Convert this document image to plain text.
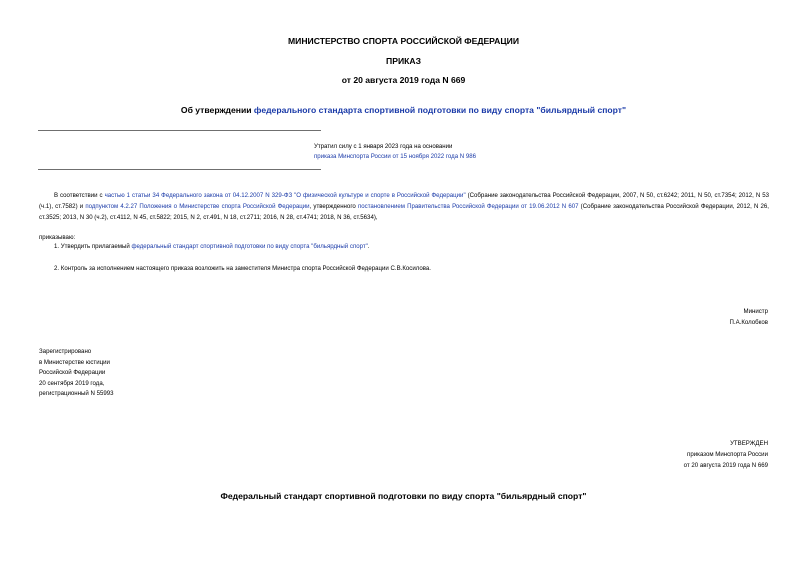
МИНИСТЕРСТВО СПОРТА РОССИЙСКОЙ ФЕДЕРАЦИИ
ПРИКАЗ
от 20 августа 2019 года N 669
Об утверждении федерального стандарта спортивной подготовки по виду спорта "бильярдный спорт"
Утратил силу с 1 января 2023 года на основании
приказа Минспорта России от 15 ноября 2022 года N 986
В соответствии с частью 1 статьи 34 Федерального закона от 04.12.2007 N 329-ФЗ "О физической культуре и спорте в Российской Федерации" (Собрание законодательства Российской Федерации, 2007, N 50, ст.6242; 2011, N 50, ст.7354; 2012, N 53 (ч.1), ст.7582) и подпунктом 4.2.27 Положения о Министерстве спорта Российской Федерации, утвержденного постановлением Правительства Российской Федерации от 19.06.2012 N 607 (Собрание законодательства Российской Федерации, 2012, N 26, ст.3525; 2013, N 30 (ч.2), ст.4112, N 45, ст.5822; 2015, N 2, ст.491, N 18, ст.2711; 2016, N 28, ст.4741; 2018, N 36, ст.5634),
приказываю:
1. Утвердить прилагаемый федеральный стандарт спортивной подготовки по виду спорта "бильярдный спорт".
2. Контроль за исполнением настоящего приказа возложить на заместителя Министра спорта Российской Федерации С.В.Косилова.
Министр
П.А.Колобков
Зарегистрировано
в Министерстве юстиции
Российской Федерации
20 сентября 2019 года,
регистрационный N 55993
УТВЕРЖДЕН
приказом Минспорта России
от 20 августа 2019 года N 669
Федеральный стандарт спортивной подготовки по виду спорта "бильярдный спорт"
